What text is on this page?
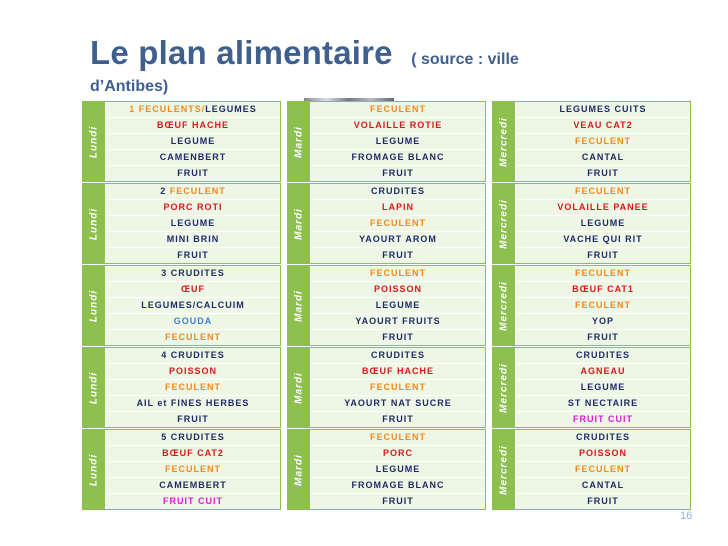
Le plan alimentaire ( source : ville
d’Antibes)
Lundi
1 FECULENTS/LEGUMES
BŒUF HACHE
LEGUME
CAMENBERT
FRUIT
Mardi
FECULENT
VOLAILLE ROTIE
LEGUME
FROMAGE BLANC
FRUIT
Mercredi
LEGUMES CUITS
VEAU CAT2
FECULENT
CANTAL
FRUIT
Lundi
2 FECULENT
PORC ROTI
LEGUME
MINI BRIN
FRUIT
Mardi
CRUDITES
LAPIN
FECULENT
YAOURT AROM
FRUIT
Mercredi
FECULENT
VOLAILLE PANEE
LEGUME
VACHE QUI RIT
FRUIT
Lundi
3 CRUDITES
ŒUF
LEGUMES/CALCUIM
GOUDA
FECULENT
Mardi
FECULENT
POISSON
LEGUME
YAOURT FRUITS
FRUIT
Mercredi
FECULENT
BŒUF CAT1
FECULENT
YOP
FRUIT
Lundi
4 CRUDITES
POISSON
FECULENT
AIL et FINES HERBES
FRUIT
Mardi
CRUDITES
BŒUF HACHE
FECULENT
YAOURT NAT SUCRE
FRUIT
Mercredi
CRUDITES
AGNEAU
LEGUME
ST NECTAIRE
FRUIT CUIT
Lundi
5 CRUDITES
BŒUF CAT2
FECULENT
CAMEMBERT
FRUIT CUIT
Mardi
FECULENT
PORC
LEGUME
FROMAGE BLANC
FRUIT
Mercredi
CRUDITES
POISSON
FECULENT
CANTAL
FRUIT
16
